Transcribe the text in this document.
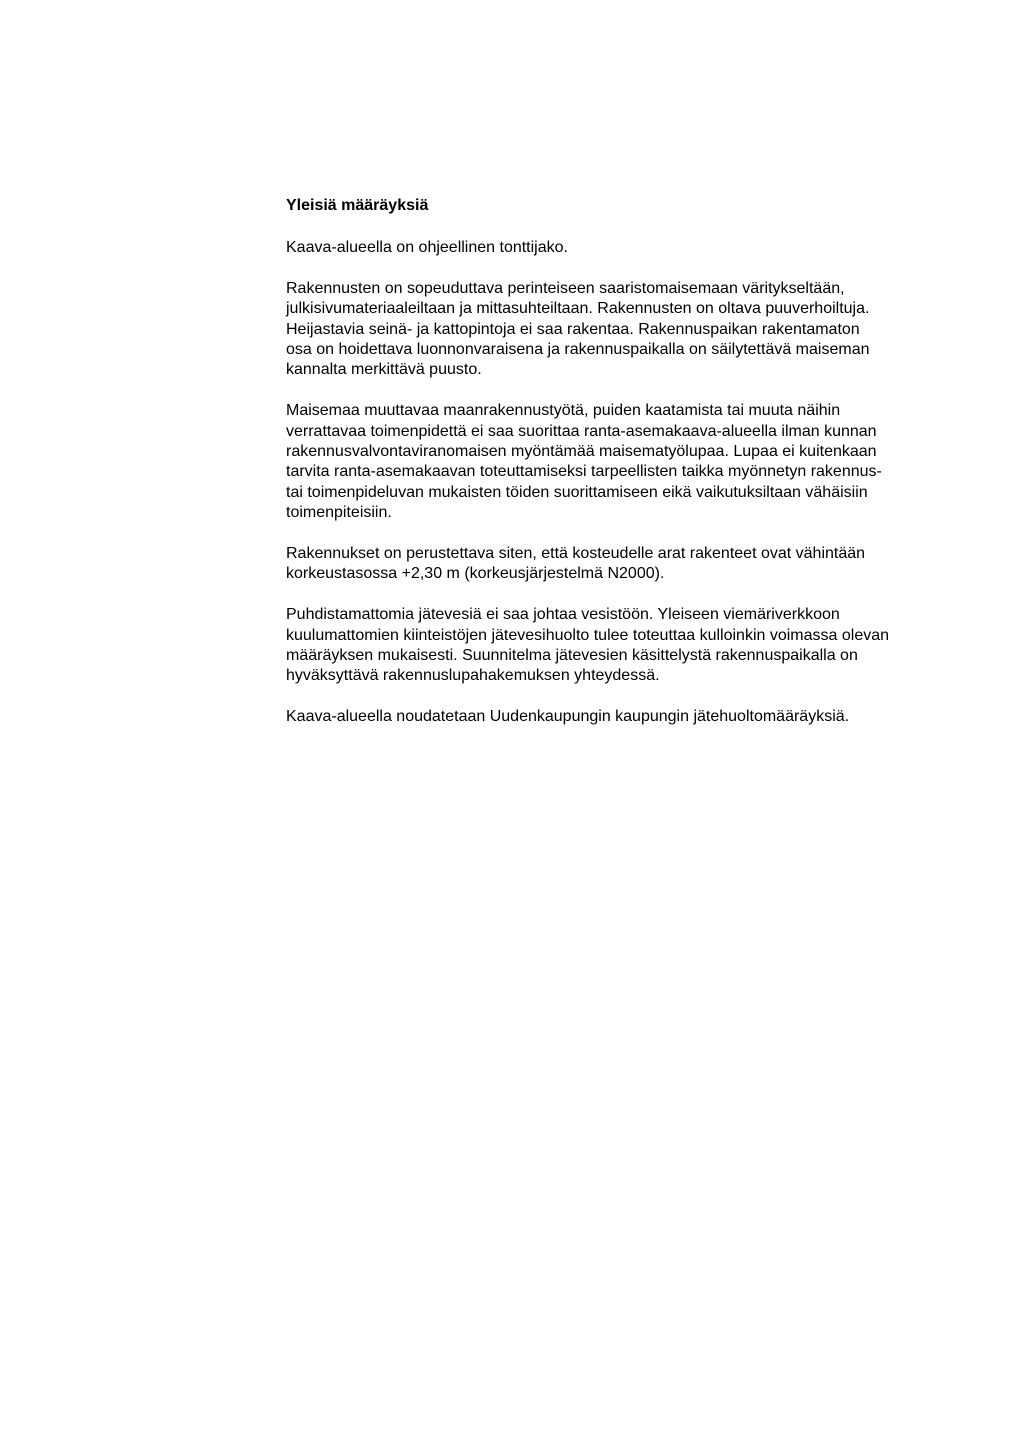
Yleisiä määräyksiä
Kaava-alueella on ohjeellinen tonttijako.
Rakennusten on sopeuduttava perinteiseen saaristomaisemaan väritykseltään,
julkisivumateriaaleiltaan ja mittasuhteiltaan. Rakennusten on oltava puuverhoiltuja.
Heijastavia seinä- ja kattopintoja ei saa rakentaa. Rakennuspaikan rakentamaton
osa on hoidettava luonnonvaraisena ja rakennuspaikalla on säilytettävä maiseman
kannalta merkittävä puusto.
Maisemaa muuttavaa maanrakennustyötä, puiden kaatamista tai muuta näihin
verrattavaa toimenpidettä ei saa suorittaa ranta-asemakaava-alueella ilman kunnan
rakennusvalvontaviranomaisen myöntämää maisematyölupaa. Lupaa ei kuitenkaan
tarvita ranta-asemakaavan toteuttamiseksi tarpeellisten taikka myönnetyn rakennus-
tai toimenpideluvan mukaisten töiden suorittamiseen eikä vaikutuksiltaan vähäisiin
toimenpiteisiin.
Rakennukset on perustettava siten, että kosteudelle arat rakenteet ovat vähintään
korkeustasossa +2,30 m (korkeusjärjestelmä N2000).
Puhdistamattomia jätevesiä ei saa johtaa vesistöön. Yleiseen viemäriverkkoon
kuulumattomien kiinteistöjen jätevesihuolto tulee toteuttaa kulloinkin voimassa olevan
määräyksen mukaisesti. Suunnitelma jätevesien käsittelystä rakennuspaikalla on
hyväksyttävä rakennuslupahakemuksen yhteydessä.
Kaava-alueella noudatetaan Uudenkaupungin kaupungin jätehuoltomääräyksiä.
